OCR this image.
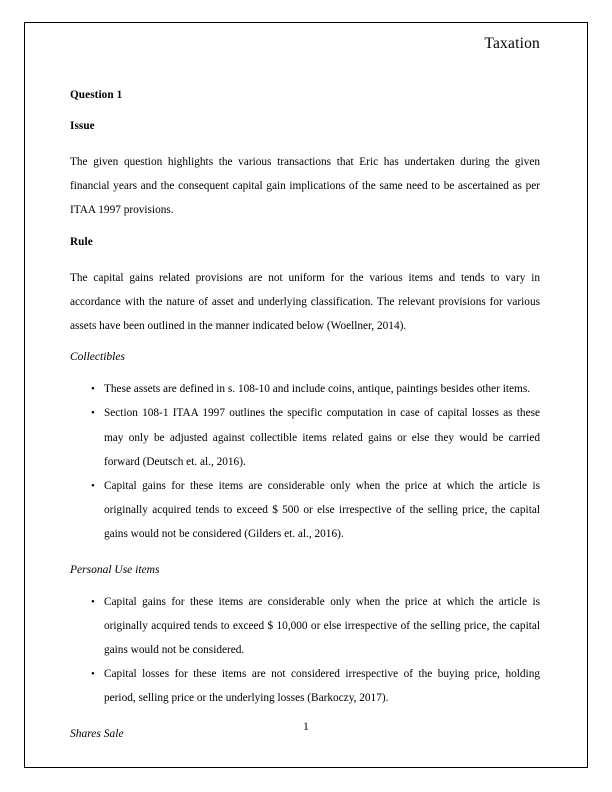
Taxation
Question 1
Issue

The given question highlights the various transactions that Eric has undertaken during the given financial years and the consequent capital gain implications of the same need to be ascertained as per ITAA 1997 provisions.

Rule

The capital gains related provisions are not uniform for the various items and tends to vary in accordance with the nature of asset and underlying classification. The relevant provisions for various assets have been outlined in the manner indicated below (Woellner, 2014).

Collectibles
• These assets are defined in s. 108-10 and include coins, antique, paintings besides other items.
• Section 108-1 ITAA 1997 outlines the specific computation in case of capital losses as these may only be adjusted against collectible items related gains or else they would be carried forward (Deutsch et. al., 2016).
• Capital gains for these items are considerable only when the price at which the article is originally acquired tends to exceed $ 500 or else irrespective of the selling price, the capital gains would not be considered (Gilders et. al., 2016).
Personal Use items
• Capital gains for these items are considerable only when the price at which the article is originally acquired tends to exceed $ 10,000 or else irrespective of the selling price, the capital gains would not be considered.
• Capital losses for these items are not considered irrespective of the buying price, holding period, selling price or the underlying losses (Barkoczy, 2017).
Shares Sale
1
